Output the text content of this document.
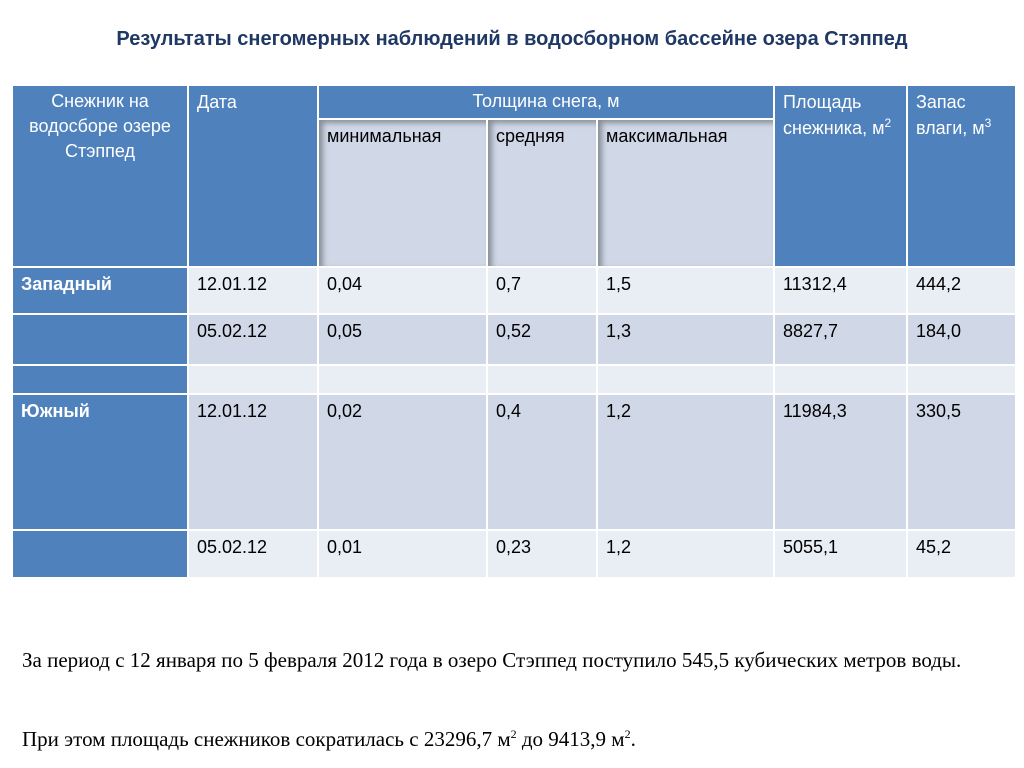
Результаты снегомерных наблюдений в водосборном бассейне озера Стэппед
Снежник на водосборе озере Стэппед	Дата	Толщина снега, м			Площадь снежника, $м^2$	Запас влаги, $м^3$
		минимальная	средняя	максимальная		
Западный	12.01.12	0,04	0,7	1,5	11312,4	444,2
	05.02.12	0,05	0,52	1,3	8827,7	184,0

Южный	12.01.12	0,02	0,4	1,2	11984,3	330,5
	05.02.12	0,01	0,23	1,2	5055,1	45,2
За период с 12 января по 5 февраля 2012 года в озеро Стэппед поступило 545,5 кубических метров воды.
При этом площадь снежников сократилась с 23296,7 $м^2$ до 9413,9 $м^2$.
